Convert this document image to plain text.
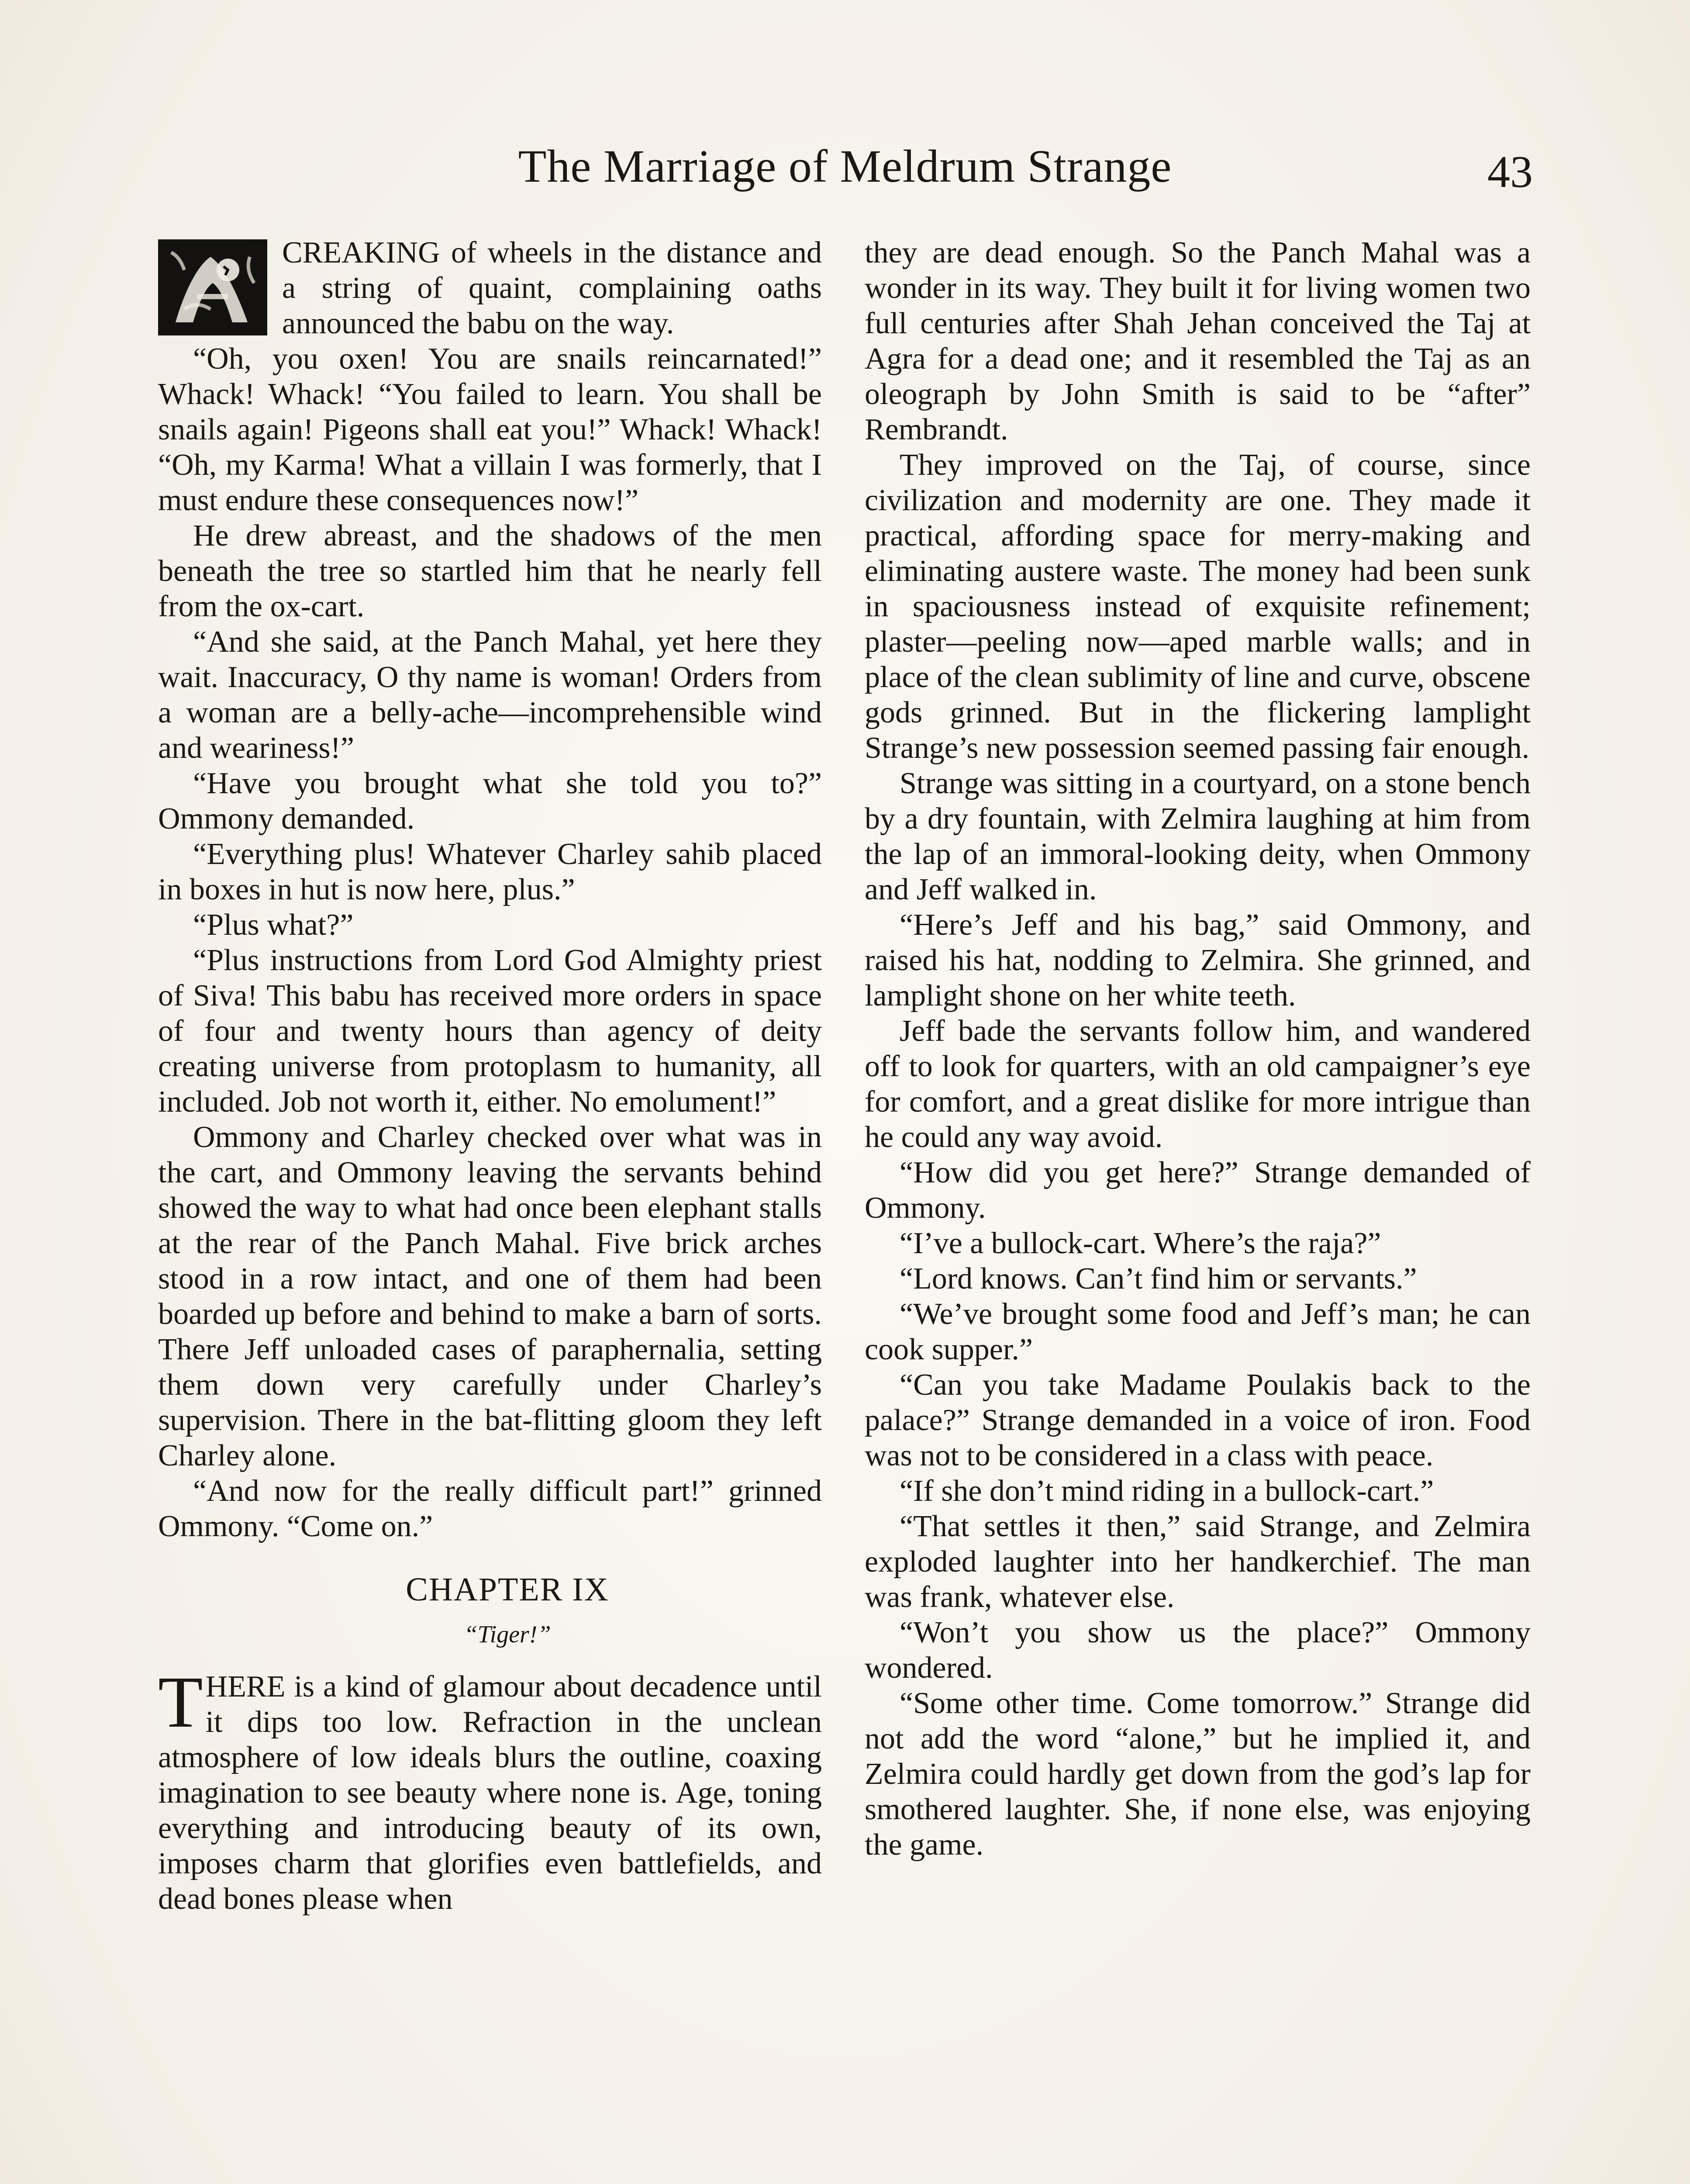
The Marriage of Meldrum Strange	43

CREAKING of wheels in the distance and a string of quaint, complaining oaths announced the babu on the way.

“Oh, you oxen! You are snails reincarnated!” Whack! Whack! “You failed to learn. You shall be snails again! Pigeons shall eat you!” Whack! Whack! “Oh, my Karma! What a villain I was formerly, that I must endure these consequences now!”

He drew abreast, and the shadows of the men beneath the tree so startled him that he nearly fell from the ox-cart.

“And she said, at the Panch Mahal, yet here they wait. Inaccuracy, O thy name is woman! Orders from a woman are a belly-ache—incomprehensible wind and weariness!”

“Have you brought what she told you to?” Ommony demanded.

“Everything plus! Whatever Charley sahib placed in boxes in hut is now here, plus.”

“Plus what?”

“Plus instructions from Lord God Almighty priest of Siva! This babu has received more orders in space of four and twenty hours than agency of deity creating universe from protoplasm to humanity, all included. Job not worth it, either. No emolument!”

Ommony and Charley checked over what was in the cart, and Ommony leaving the servants behind showed the way to what had once been elephant stalls at the rear of the Panch Mahal. Five brick arches stood in a row intact, and one of them had been boarded up before and behind to make a barn of sorts. There Jeff unloaded cases of paraphernalia, setting them down very carefully under Charley’s supervision. There in the bat-flitting gloom they left Charley alone.

“And now for the really difficult part!” grinned Ommony. “Come on.”

CHAPTER IX

“Tiger!”

THERE is a kind of glamour about decadence until it dips too low. Refraction in the unclean atmosphere of low ideals blurs the outline, coaxing imagination to see beauty where none is. Age, toning everything and introducing beauty of its own, imposes charm that glorifies even battlefields, and dead bones please when

they are dead enough. So the Panch Mahal was a wonder in its way. They built it for living women two full centuries after Shah Jehan conceived the Taj at Agra for a dead one; and it resembled the Taj as an oleograph by John Smith is said to be “after” Rembrandt.

They improved on the Taj, of course, since civilization and modernity are one. They made it practical, affording space for merry-making and eliminating austere waste. The money had been sunk in spaciousness instead of exquisite refinement; plaster—peeling now—aped marble walls; and in place of the clean sublimity of line and curve, obscene gods grinned. But in the flickering lamplight Strange’s new possession seemed passing fair enough.

Strange was sitting in a courtyard, on a stone bench by a dry fountain, with Zelmira laughing at him from the lap of an immoral-looking deity, when Ommony and Jeff walked in.

“Here’s Jeff and his bag,” said Ommony, and raised his hat, nodding to Zelmira. She grinned, and lamplight shone on her white teeth.

Jeff bade the servants follow him, and wandered off to look for quarters, with an old campaigner’s eye for comfort, and a great dislike for more intrigue than he could any way avoid.

“How did you get here?” Strange demanded of Ommony.

“I’ve a bullock-cart. Where’s the raja?”

“Lord knows. Can’t find him or servants.”

“We’ve brought some food and Jeff’s man; he can cook supper.”

“Can you take Madame Poulakis back to the palace?” Strange demanded in a voice of iron. Food was not to be considered in a class with peace.

“If she don’t mind riding in a bullock-cart.”

“That settles it then,” said Strange, and Zelmira exploded laughter into her handkerchief. The man was frank, whatever else.

“Won’t you show us the place?” Ommony wondered.

“Some other time. Come tomorrow.” Strange did not add the word “alone,” but he implied it, and Zelmira could hardly get down from the god’s lap for smothered laughter. She, if none else, was enjoying the game.
